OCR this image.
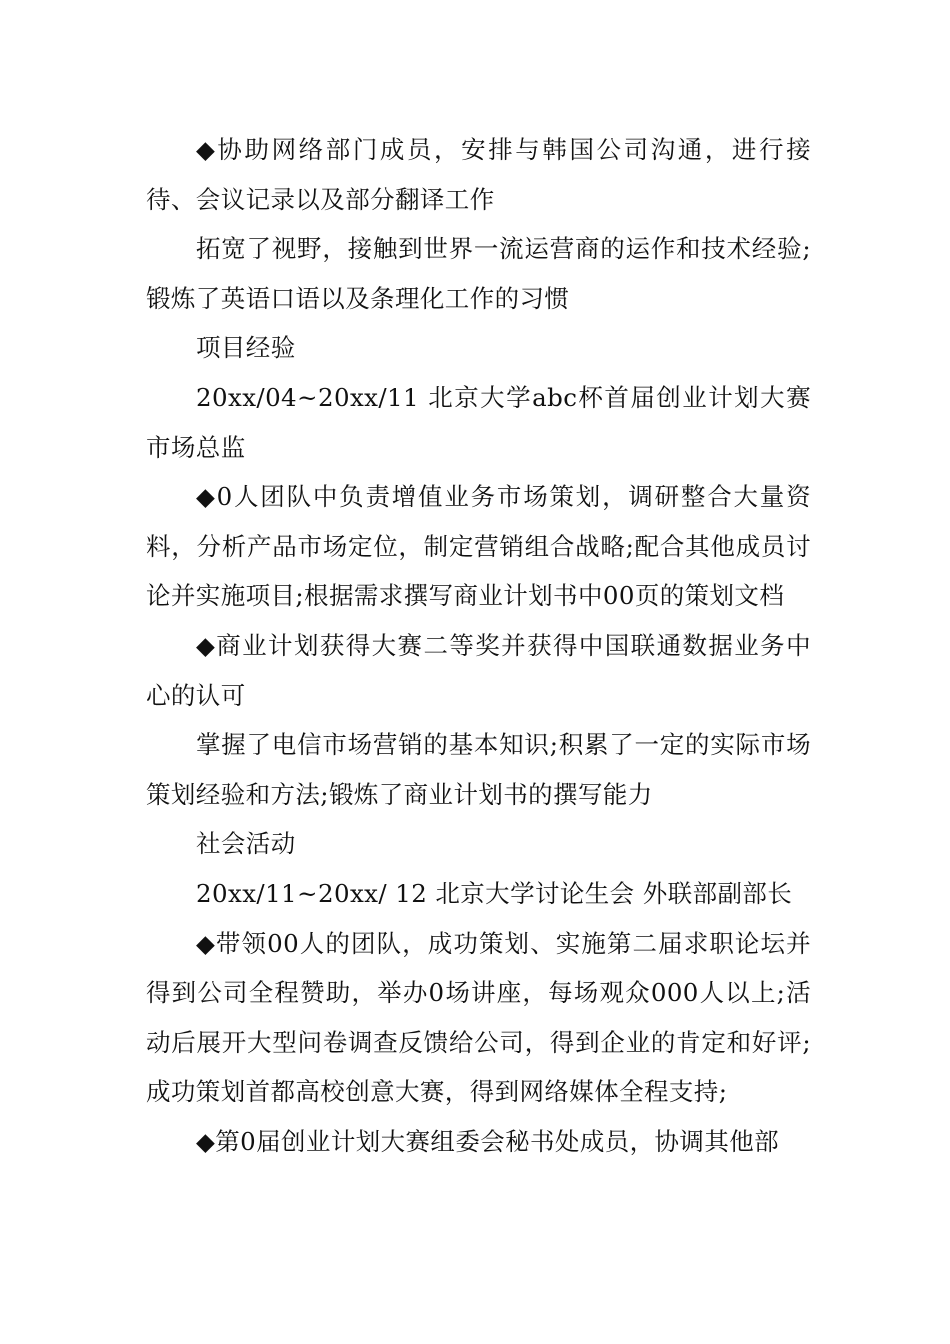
◆协助网络部门成员，安排与韩国公司沟通，进行接待、会议记录以及部分翻译工作

拓宽了视野，接触到世界一流运营商的运作和技术经验;锻炼了英语口语以及条理化工作的习惯

项目经验

20xx/04~20xx/11 北京大学abc杯首届创业计划大赛 市场总监

◆0人团队中负责增值业务市场策划，调研整合大量资料，分析产品市场定位，制定营销组合战略;配合其他成员讨论并实施项目;根据需求撰写商业计划书中00页的策划文档

◆商业计划获得大赛二等奖并获得中国联通数据业务中心的认可

掌握了电信市场营销的基本知识;积累了一定的实际市场策划经验和方法;锻炼了商业计划书的撰写能力

社会活动

20xx/11~20xx/ 12 北京大学讨论生会 外联部副部长

◆带领00人的团队，成功策划、实施第二届求职论坛并得到公司全程赞助，举办0场讲座，每场观众000人以上;活动后展开大型问卷调查反馈给公司，得到企业的肯定和好评;成功策划首都高校创意大赛，得到网络媒体全程支持;

◆第0届创业计划大赛组委会秘书处成员，协调其他部
